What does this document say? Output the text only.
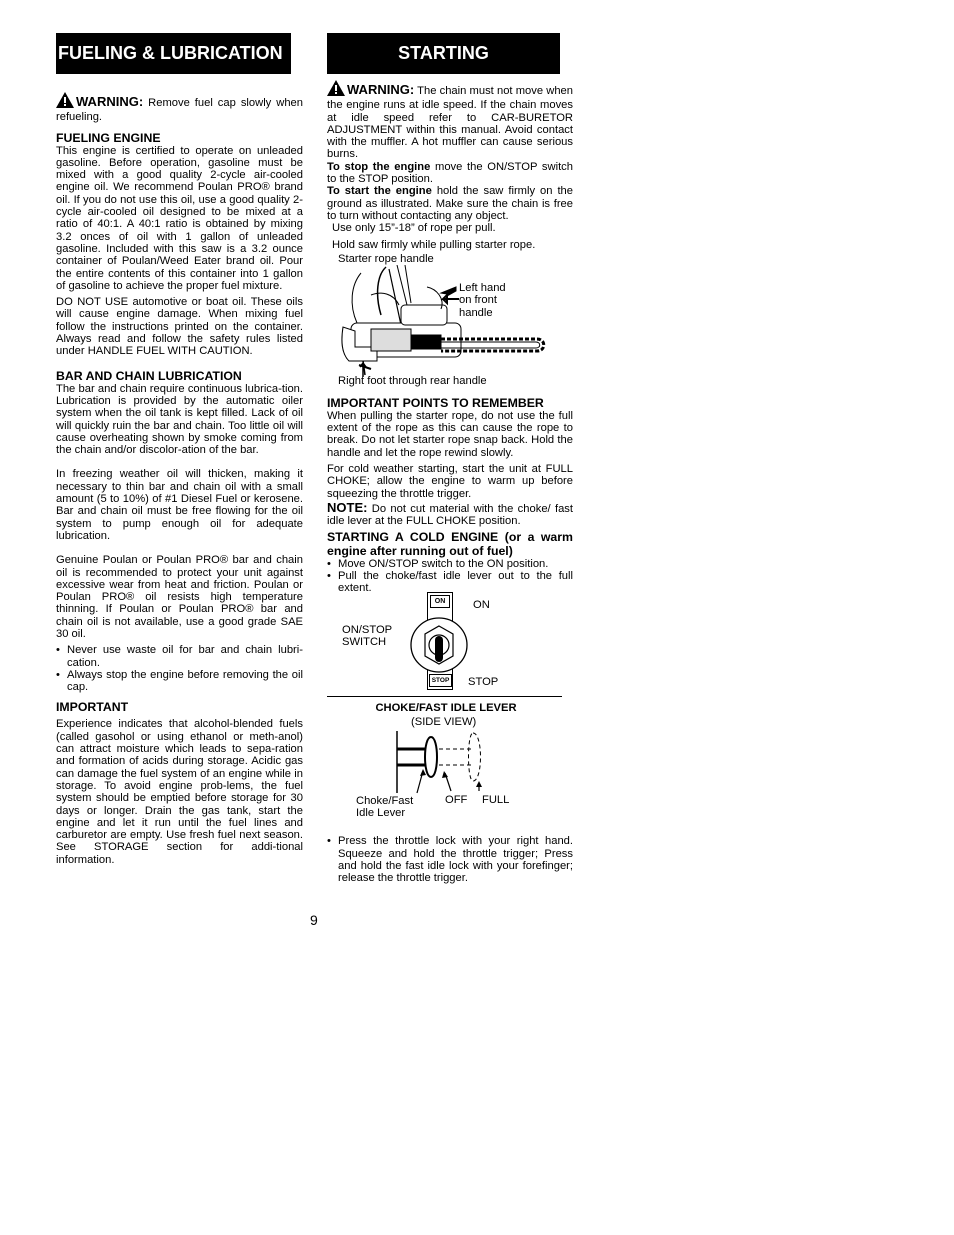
FUELING & LUBRICATION

WARNING: Remove fuel cap slowly when refueling.

FUELING ENGINE

This engine is certified to operate on unleaded gasoline. Before operation, gasoline must be mixed with a good quality 2-cycle air-cooled engine oil. We recommend Poulan PRO® brand oil. If you do not use this oil, use a good quality 2-cycle air-cooled oil designed to be mixed at a ratio of 40:1. A 40:1 ratio is obtained by mixing 3.2 onces of oil with 1 gallon of unleaded gasoline. Included with this saw is a 3.2 ounce container of Poulan/Weed Eater brand oil. Pour the entire contents of this container into 1 gallon of gasoline to achieve the proper fuel mixture.

DO NOT USE automotive or boat oil. These oils will cause engine damage. When mixing fuel follow the instructions printed on the container. Always read and follow the safety rules listed under HANDLE FUEL WITH CAUTION.

BAR AND CHAIN LUBRICATION

The bar and chain require continuous lubrica-tion. Lubrication is provided by the automatic oiler system when the oil tank is kept filled. Lack of oil will quickly ruin the bar and chain. Too little oil will cause overheating shown by smoke coming from the chain and/or discolor-ation of the bar.

In freezing weather oil will thicken, making it necessary to thin bar and chain oil with a small amount (5 to 10%) of #1 Diesel Fuel or kerosene. Bar and chain oil must be free flowing for the oil system to pump enough oil for adequate lubrication.

Genuine Poulan or Poulan PRO® bar and chain oil is recommended to protect your unit against excessive wear from heat and friction. Poulan or Poulan PRO® oil resists high temperature thinning. If Poulan or Poulan PRO® bar and chain oil is not available, use a good grade SAE 30 oil.

• Never use waste oil for bar and chain lubri-cation.
• Always stop the engine before removing the oil cap.
IMPORTANT

Experience indicates that alcohol-blended fuels (called gasohol or using ethanol or meth-anol) can attract moisture which leads to sepa-ration and formation of acids during storage. Acidic gas can damage the fuel system of an engine while in storage. To avoid engine prob-lems, the fuel system should be emptied before storage for 30 days or longer. Drain the gas tank, start the engine and let it run until the fuel lines and carburetor are empty. Use fresh fuel next season. See STORAGE section for addi-tional information.

STARTING

WARNING: The chain must not move when the engine runs at idle speed. If the chain moves at idle speed refer to CAR-BURETOR ADJUSTMENT within this manual. Avoid contact with the muffler. A hot muffler can cause serious burns.

To stop the engine move the ON/STOP switch to the STOP position.

To start the engine hold the saw firmly on the ground as illustrated. Make sure the chain is free to turn without contacting any object.

Use only 15”-18” of rope per pull.

Hold saw firmly while pulling starter rope.

Starter rope handle
Left hand
on front
handle
Right foot through rear handle
IMPORTANT POINTS TO REMEMBER

When pulling the starter rope, do not use the full extent of the rope as this can cause the rope to break. Do not let starter rope snap back. Hold the handle and let the rope rewind slowly.

For cold weather starting, start the unit at FULL CHOKE; allow the engine to warm up before squeezing the throttle trigger.

NOTE: Do not cut material with the choke/ fast idle lever at the FULL CHOKE position.

STARTING A COLD ENGINE (or a warm engine after running out of fuel)
• Move ON/STOP switch to the ON position.
• Pull the choke/fast idle lever out to the full extent.
ON
ON/STOP
SWITCH
STOP
ON
STOP
CHOKE/FAST IDLE LEVER
(SIDE VIEW)
Choke/Fast
Idle Lever
OFF FULL
• Press the throttle lock with your right hand. Squeeze and hold the throttle trigger; Press and hold the fast idle lock with your forefinger; release the throttle trigger.
9
